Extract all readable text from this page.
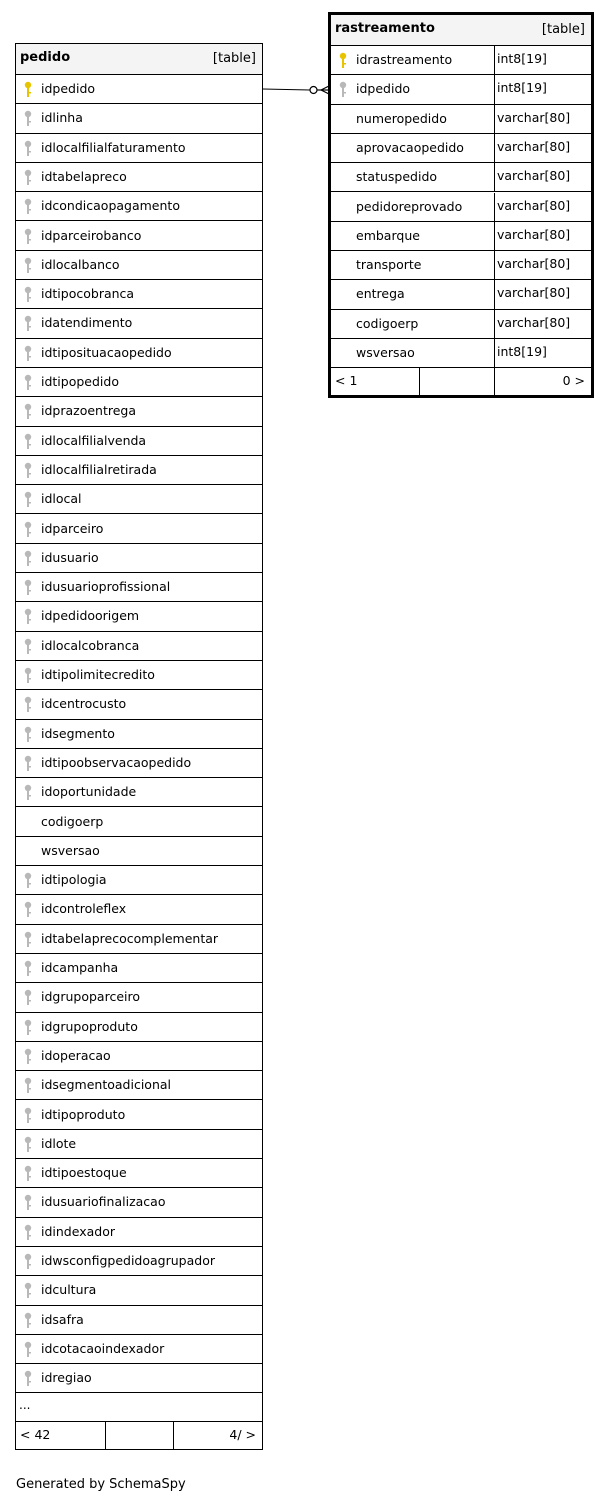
pedido	[table]
idpedido
idlinha
idlocalfilialfaturamento
idtabelapreco
idcondicaopagamento
idparceirobanco
idlocalbanco
idtipocobranca
idatendimento
idtiposituacaopedido
idtipopedido
idprazoentrega
idlocalfilialvenda
idlocalfilialretirada
idlocal
idparceiro
idusuario
idusuarioprofissional
idpedidoorigem
idlocalcobranca
idtipolimitecredito
idcentrocusto
idsegmento
idtipoobservacaopedido
idoportunidade
codigoerp
wsversao
idtipologia
idcontroleflex
idtabelaprecocomplementar
idcampanha
idgrupoparceiro
idgrupoproduto
idoperacao
idsegmentoadicional
idtipoproduto
idlote
idtipoestoque
idusuariofinalizacao
idindexador
idwsconfigpedidoagrupador
idcultura
idsafra
idcotacaoindexador
idregiao
...
< 42	4/ >
rastreamento	[table]
idrastreamento	int8[19]
idpedido	int8[19]
numeropedido	varchar[80]
aprovacaopedido	varchar[80]
statuspedido	varchar[80]
pedidoreprovado	varchar[80]
embarque	varchar[80]
transporte	varchar[80]
entrega	varchar[80]
codigoerp	varchar[80]
wsversao	int8[19]
< 1	0 >
Generated by SchemaSpy
